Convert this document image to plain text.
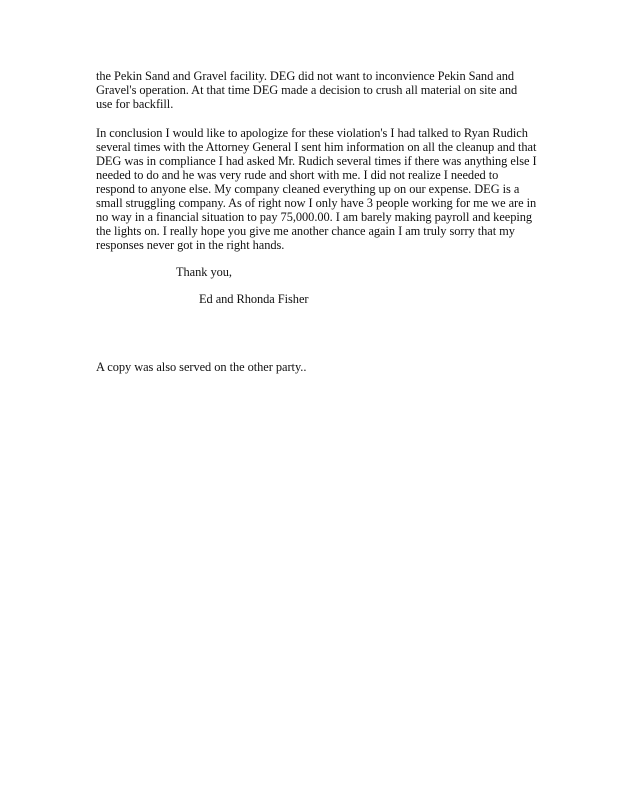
the Pekin Sand and Gravel facility. DEG did not want to inconvience Pekin Sand and
Gravel's operation. At that time DEG made a decision to crush all material on site and
use for backfill.
In conclusion I would like to apologize for these violation's I had talked to Ryan Rudich
several times with the Attorney General I sent him information on all the cleanup and that
DEG was in compliance I had asked Mr. Rudich several times if there was anything else I
needed to do and he was very rude and short with me. I did not realize I needed to
respond to anyone else. My company cleaned everything up on our expense. DEG is a
small struggling company. As of right now I only have 3 people working for me we are in
no way in a financial situation to pay 75,000.00. I am barely making payroll and keeping
the lights on. I really hope you give me another chance again I am truly sorry that my
responses never got in the right hands.
Thank you,
Ed and Rhonda Fisher
A copy was also served on the other party..
